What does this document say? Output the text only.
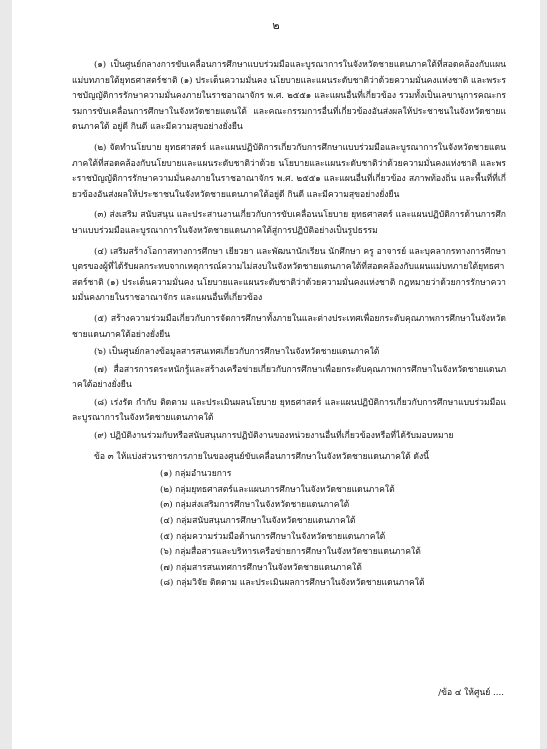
๒

(๑) เป็นศูนย์กลางการขับเคลื่อนการศึกษาแบบร่วมมือและบูรณาการในจังหวัดชายแดนภาคใต้ที่สอดคล้องกับแผนแม่บทภายใต้ยุทธศาสตร์ชาติ (๑) ประเด็นความมั่นคง นโยบายและแผนระดับชาติว่าด้วยความมั่นคงแห่งชาติ และพระราชบัญญัติการรักษาความมั่นคงภายในราชอาณาจักร พ.ศ. ๒๕๕๑ และแผนอื่นที่เกี่ยวข้อง รวมทั้งเป็นเลขานุการคณะกรรมการขับเคลื่อนการศึกษาในจังหวัดชายแดนใต้ และคณะกรรมการอื่นที่เกี่ยวข้องอันส่งผลให้ประชาชนในจังหวัดชายแดนภาคใต้ อยู่ดี กินดี และมีความสุขอย่างยั่งยืน

(๒) จัดทำนโยบาย ยุทธศาสตร์ และแผนปฏิบัติการเกี่ยวกับการศึกษาแบบร่วมมือและบูรณาการในจังหวัดชายแดนภาคใต้ที่สอดคล้องกับนโยบายและแผนระดับชาติว่าด้วย นโยบายและแผนระดับชาติว่าด้วยความมั่นคงแห่งชาติ และพระราชบัญญัติการรักษาความมั่นคงภายในราชอาณาจักร พ.ศ. ๒๕๕๑ และแผนอื่นที่เกี่ยวข้อง สภาพท้องถิ่น และพื้นที่ที่เกี่ยวข้องอันส่งผลให้ประชาชนในจังหวัดชายแดนภาคใต้อยู่ดี กินดี และมีความสุขอย่างยั่งยืน

(๓) ส่งเสริม สนับสนุน และประสานงานเกี่ยวกับการขับเคลื่อนนโยบาย ยุทธศาสตร์ และแผนปฏิบัติการด้านการศึกษาแบบร่วมมือและบูรณาการในจังหวัดชายแดนภาคใต้สู่การปฏิบัติอย่างเป็นรูปธรรม

(๔) เสริมสร้างโอกาสทางการศึกษา เยียวยา และพัฒนานักเรียน นักศึกษา ครู อาจารย์ และบุคลากรทางการศึกษา บุตรของผู้ที่ได้รับผลกระทบจากเหตุการณ์ความไม่สงบในจังหวัดชายแดนภาคใต้ที่สอดคล้องกับแผนแม่บทภายใต้ยุทธศาสตร์ชาติ (๑) ประเด็นความมั่นคง นโยบายและแผนระดับชาติว่าด้วยความมั่นคงแห่งชาติ กฎหมายว่าด้วยการรักษาความมั่นคงภายในราชอาณาจักร และแผนอื่นที่เกี่ยวข้อง

(๕) สร้างความร่วมมือเกี่ยวกับการจัดการศึกษาทั้งภายในและต่างประเทศเพื่อยกระดับคุณภาพการศึกษาในจังหวัดชายแดนภาคใต้อย่างยั่งยืน

(๖) เป็นศูนย์กลางข้อมูลสารสนเทศเกี่ยวกับการศึกษาในจังหวัดชายแดนภาคใต้

(๗) สื่อสารการตระหนักรู้และสร้างเครือข่ายเกี่ยวกับการศึกษาเพื่อยกระดับคุณภาพการศึกษาในจังหวัดชายแดนภาคใต้อย่างยั่งยืน

(๘) เร่งรัด กำกับ ติดตาม และประเมินผลนโยบาย ยุทธศาสตร์ และแผนปฏิบัติการเกี่ยวกับการศึกษาแบบร่วมมือและบูรณาการในจังหวัดชายแดนภาคใต้

(๙) ปฏิบัติงานร่วมกับหรือสนับสนุนการปฏิบัติงานของหน่วยงานอื่นที่เกี่ยวข้องหรือที่ได้รับมอบหมาย

ข้อ ๓ ให้แบ่งส่วนราชการภายในของศูนย์ขับเคลื่อนการศึกษาในจังหวัดชายแดนภาคใต้ ดังนี้

(๑) กลุ่มอำนวยการ
(๒) กลุ่มยุทธศาสตร์และแผนการศึกษาในจังหวัดชายแดนภาคใต้
(๓) กลุ่มส่งเสริมการศึกษาในจังหวัดชายแดนภาคใต้
(๔) กลุ่มสนับสนุนการศึกษาในจังหวัดชายแดนภาคใต้
(๕) กลุ่มความร่วมมือด้านการศึกษาในจังหวัดชายแดนภาคใต้
(๖) กลุ่มสื่อสารและบริหารเครือข่ายการศึกษาในจังหวัดชายแดนภาคใต้
(๗) กลุ่มสารสนเทศการศึกษาในจังหวัดชายแดนภาคใต้
(๘) กลุ่มวิจัย ติดตาม และประเมินผลการศึกษาในจังหวัดชายแดนภาคใต้
/ข้อ ๔ ให้ศูนย์ ....
